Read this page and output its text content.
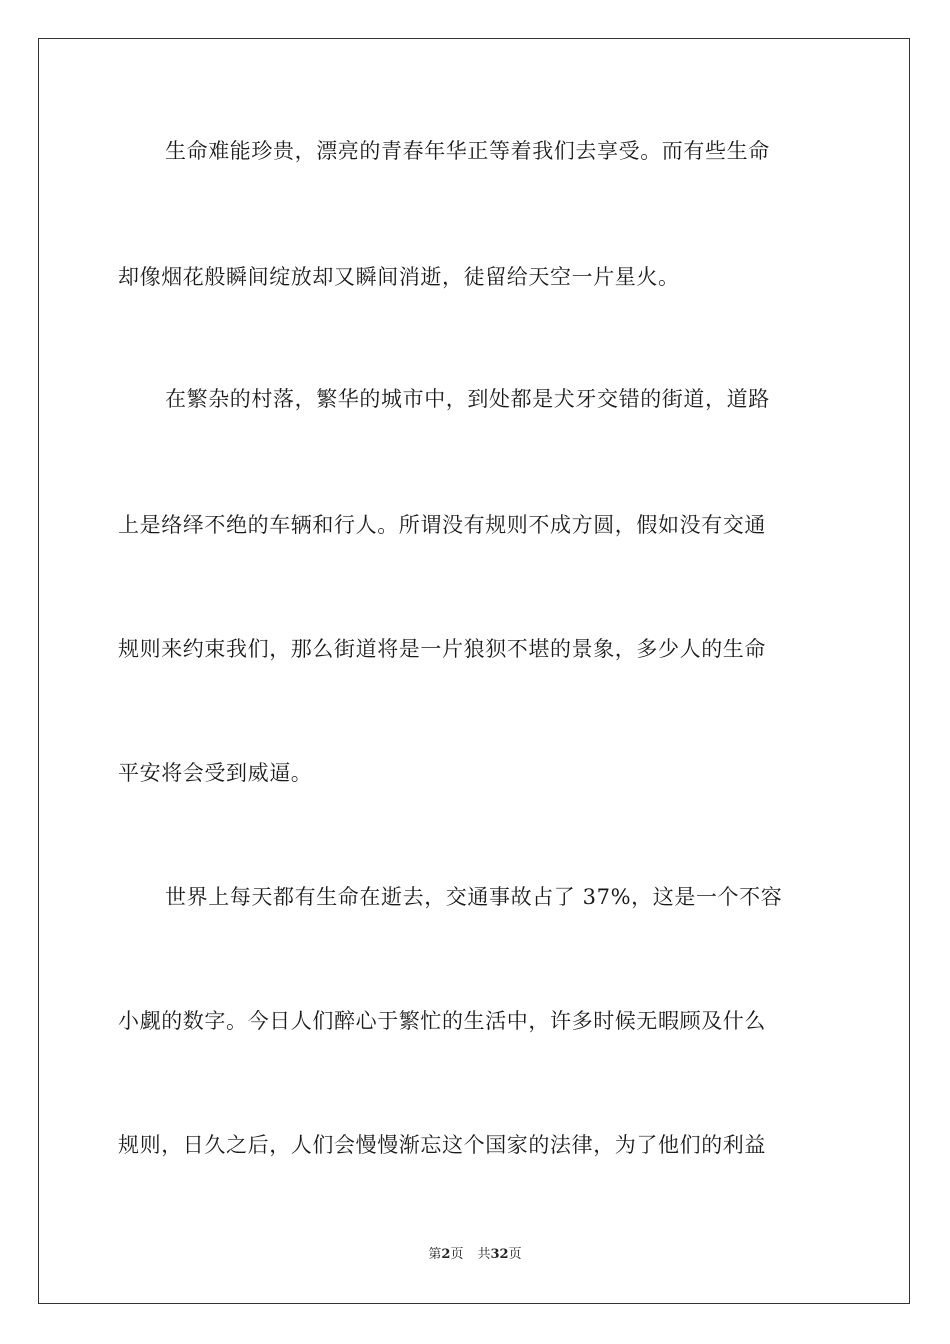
生命难能珍贵，漂亮的青春年华正等着我们去享受。而有些生命
却像烟花般瞬间绽放却又瞬间消逝，徒留给天空一片星火。
在繁杂的村落，繁华的城市中，到处都是犬牙交错的街道，道路
上是络绎不绝的车辆和行人。所谓没有规则不成方圆，假如没有交通
规则来约束我们，那么街道将是一片狼狈不堪的景象，多少人的生命
平安将会受到威逼。
世界上每天都有生命在逝去，交通事故占了 37%，这是一个不容
小觑的数字。今日人们醉心于繁忙的生活中，许多时候无暇顾及什么
规则，日久之后，人们会慢慢渐忘这个国家的法律，为了他们的利益
第2页 共32页
